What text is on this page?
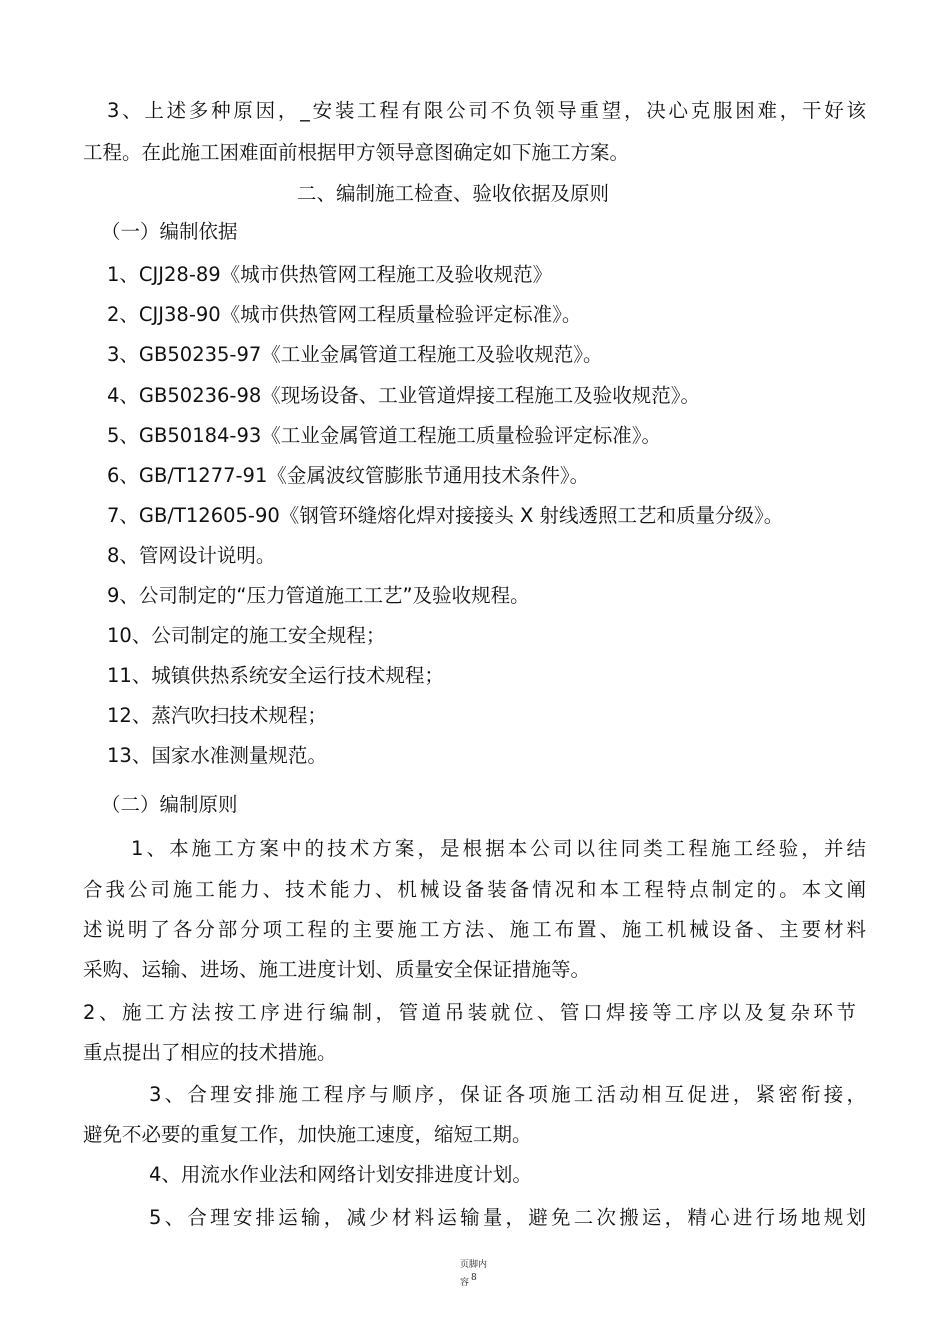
3、上述多种原因，_安装工程有限公司不负领导重望，决心克服困难，干好该
工程。在此施工困难面前根据甲方领导意图确定如下施工方案。
二、编制施工检查、验收依据及原则
（一）编制依据
1、CJJ28-89《城市供热管网工程施工及验收规范》
2、CJJ38-90《城市供热管网工程质量检验评定标准》。
3、GB50235-97《工业金属管道工程施工及验收规范》。
4、GB50236-98《现场设备、工业管道焊接工程施工及验收规范》。
5、GB50184-93《工业金属管道工程施工质量检验评定标准》。
6、GB/T1277-91《金属波纹管膨胀节通用技术条件》。
7、GB/T12605-90《钢管环缝熔化焊对接接头 X 射线透照工艺和质量分级》。
8、管网设计说明。
9、公司制定的“压力管道施工工艺”及验收规程。
10、公司制定的施工安全规程；
11、城镇供热系统安全运行技术规程；
12、蒸汽吹扫技术规程；
13、国家水准测量规范。
（二）编制原则
1、本施工方案中的技术方案，是根据本公司以往同类工程施工经验，并结
合我公司施工能力、技术能力、机械设备装备情况和本工程特点制定的。本文阐
述说明了各分部分项工程的主要施工方法、施工布置、施工机械设备、主要材料
采购、运输、进场、施工进度计划、质量安全保证措施等。
2、施工方法按工序进行编制，管道吊装就位、管口焊接等工序以及复杂环节
重点提出了相应的技术措施。
3、合理安排施工程序与顺序，保证各项施工活动相互促进，紧密衔接，
避免不必要的重复工作，加快施工速度，缩短工期。
4、用流水作业法和网络计划安排进度计划。
5、合理安排运输，减少材料运输量，避免二次搬运，精心进行场地规划
页脚内
容 8
